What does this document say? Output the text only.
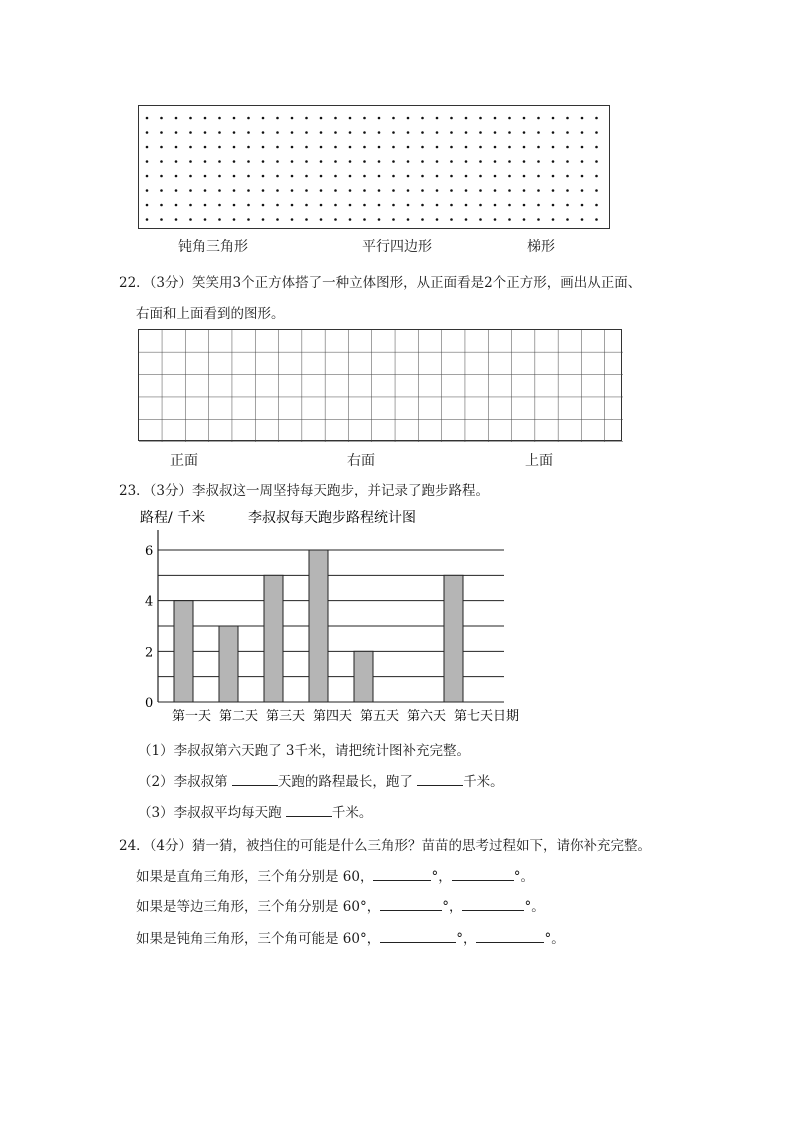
钝角三角形	平行四边形	梯形
22．（3分）笑笑用3个正方体搭了一种立体图形，从正面看是2个正方形，画出从正面、
右面和上面看到的图形。
正面	右面	上面
23．（3分）李叔叔这一周坚持每天跑步，并记录了跑步路程。
路程/ 千米	李叔叔每天跑步路程统计图
0
2
4
6
第一天 第二天 第三天 第四天 第五天 第六天 第七天 日期
（1）李叔叔第六天跑了 3千米，请把统计图补充完整。
（2）李叔叔第	天跑的路程最长，跑了	千米。
（3）李叔叔平均每天跑	千米。
24．（4分）猜一猜，被挡住的可能是什么三角形？苗苗的思考过程如下，请你补充完整。
如果是直角三角形，三个角分别是 60，	°，	°。
如果是等边三角形，三个角分别是 60°，	°，	°。
如果是钝角三角形，三个角可能是 60°，	°，	°。
